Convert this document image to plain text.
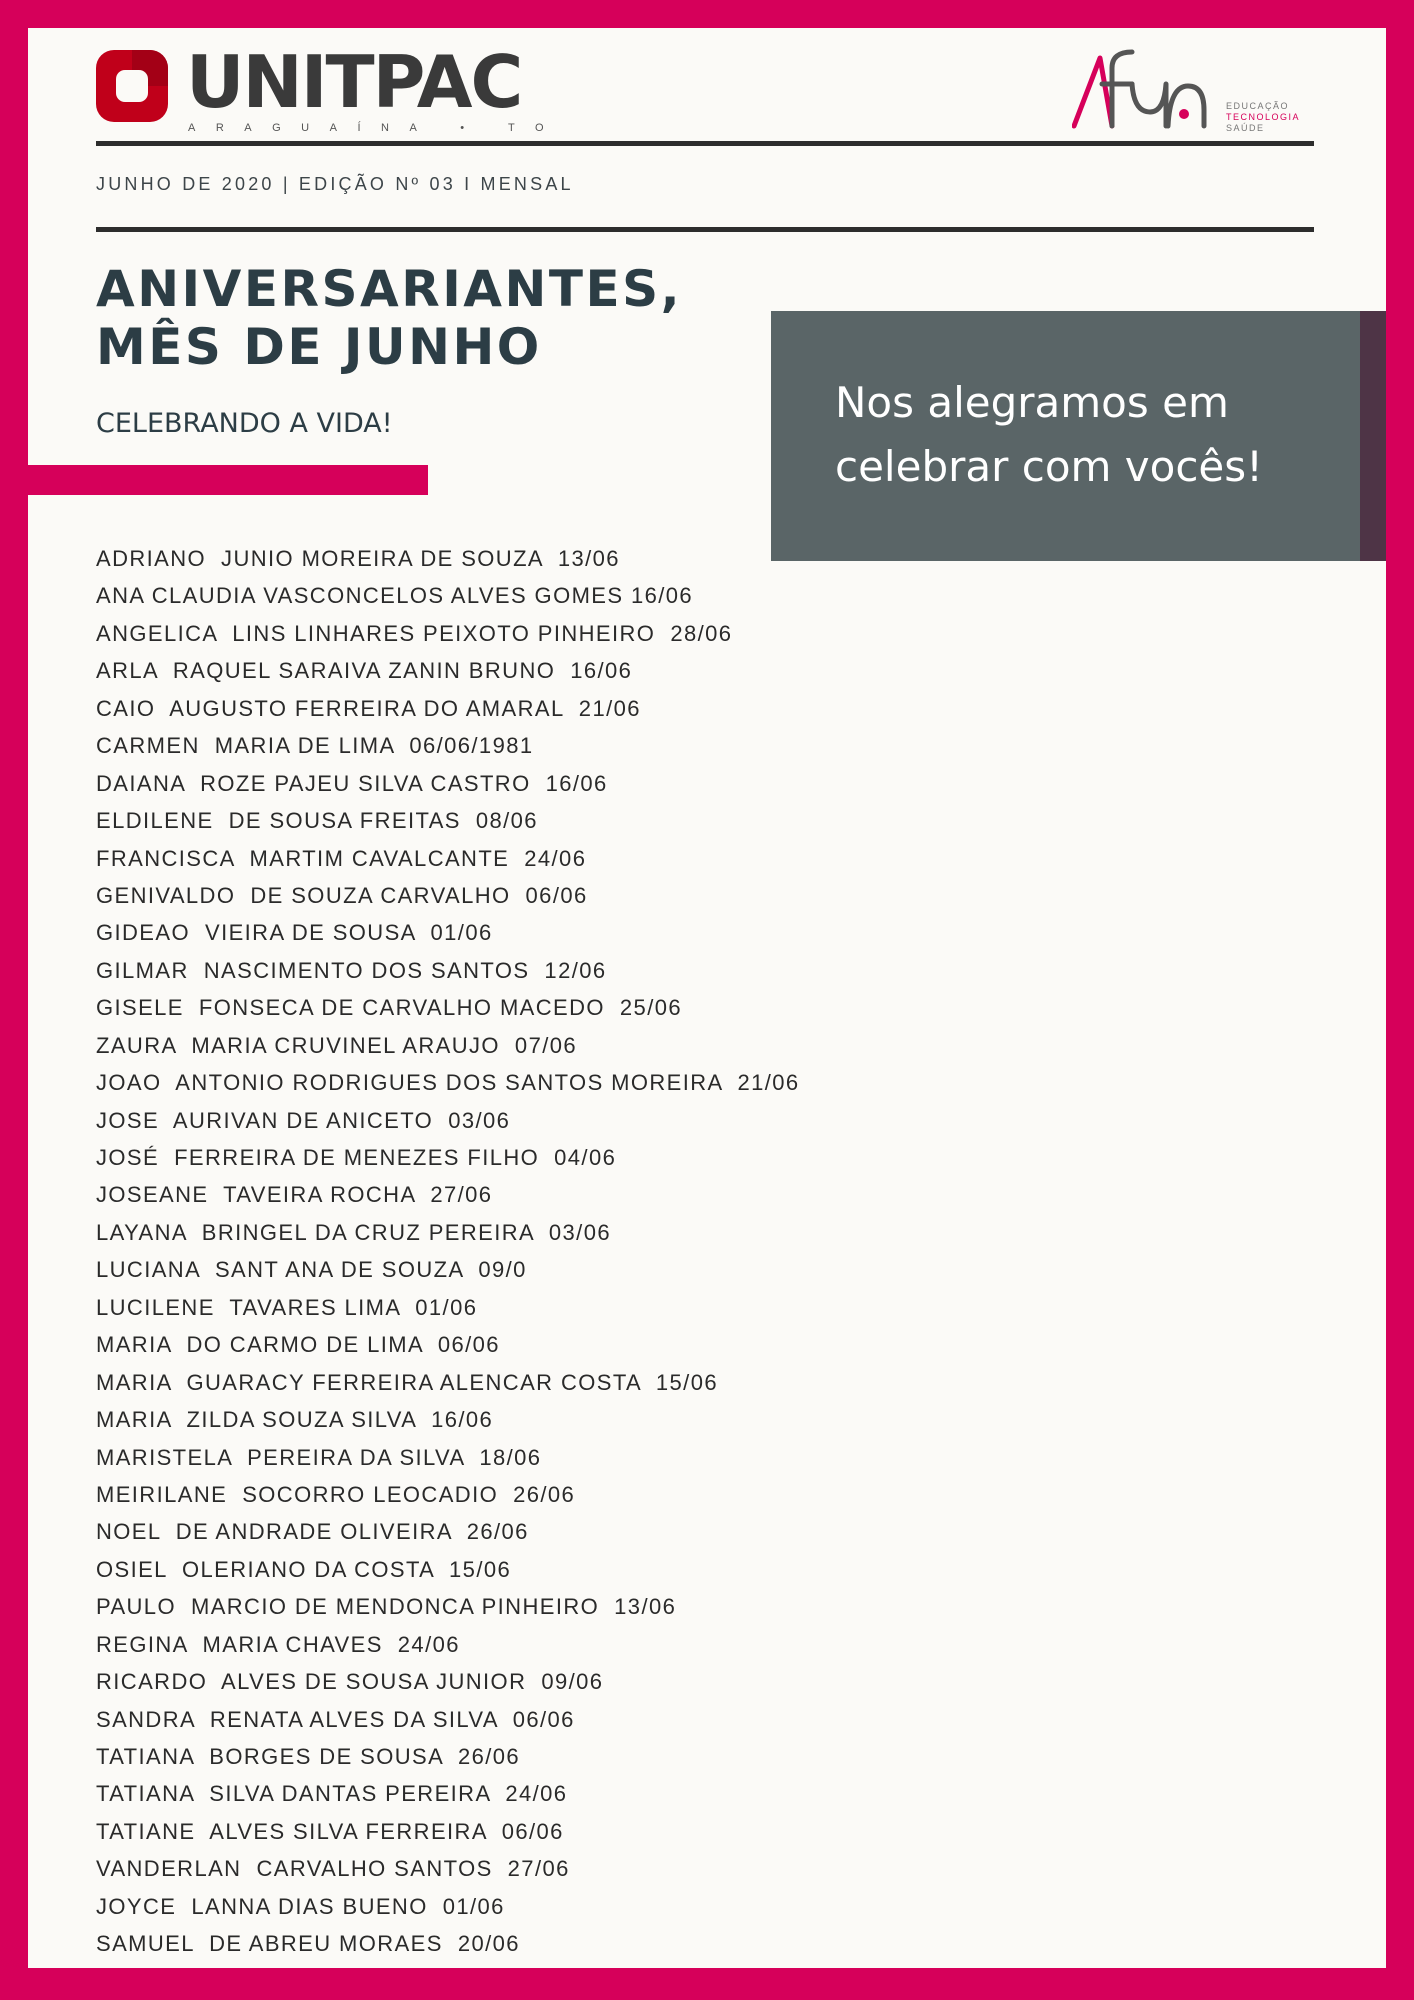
UNITPAC
ARAGUAÍNA • TO
EDUCAÇÃO
TECNOLOGIA
SAÚDE
JUNHO DE 2020 | EDIÇÃO Nº 03 I MENSAL
ANIVERSARIANTES,
MÊS DE JUNHO
CELEBRANDO A VIDA!	Nos alegramos em celebrar com vocês!

ADRIANO  JUNIO MOREIRA DE SOUZA  13/06
ANA CLAUDIA VASCONCELOS ALVES GOMES 16/06
ANGELICA  LINS LINHARES PEIXOTO PINHEIRO  28/06
ARLA  RAQUEL SARAIVA ZANIN BRUNO  16/06
CAIO  AUGUSTO FERREIRA DO AMARAL  21/06
CARMEN  MARIA DE LIMA  06/06/1981
DAIANA  ROZE PAJEU SILVA CASTRO  16/06
ELDILENE  DE SOUSA FREITAS  08/06
FRANCISCA  MARTIM CAVALCANTE  24/06
GENIVALDO  DE SOUZA CARVALHO  06/06
GIDEAO  VIEIRA DE SOUSA  01/06
GILMAR  NASCIMENTO DOS SANTOS  12/06
GISELE  FONSECA DE CARVALHO MACEDO  25/06
ZAURA  MARIA CRUVINEL ARAUJO  07/06
JOAO  ANTONIO RODRIGUES DOS SANTOS MOREIRA  21/06
JOSE  AURIVAN DE ANICETO  03/06
JOSÉ  FERREIRA DE MENEZES FILHO  04/06
JOSEANE  TAVEIRA ROCHA  27/06
LAYANA  BRINGEL DA CRUZ PEREIRA  03/06
LUCIANA  SANT ANA DE SOUZA  09/0
LUCILENE  TAVARES LIMA  01/06
MARIA  DO CARMO DE LIMA  06/06
MARIA  GUARACY FERREIRA ALENCAR COSTA  15/06
MARIA  ZILDA SOUZA SILVA  16/06
MARISTELA  PEREIRA DA SILVA  18/06
MEIRILANE  SOCORRO LEOCADIO  26/06
NOEL  DE ANDRADE OLIVEIRA  26/06
OSIEL  OLERIANO DA COSTA  15/06
PAULO  MARCIO DE MENDONCA PINHEIRO  13/06
REGINA  MARIA CHAVES  24/06
RICARDO  ALVES DE SOUSA JUNIOR  09/06
SANDRA  RENATA ALVES DA SILVA  06/06
TATIANA  BORGES DE SOUSA  26/06
TATIANA  SILVA DANTAS PEREIRA  24/06
TATIANE  ALVES SILVA FERREIRA  06/06
VANDERLAN  CARVALHO SANTOS  27/06
JOYCE  LANNA DIAS BUENO  01/06
SAMUEL  DE ABREU MORAES  20/06
